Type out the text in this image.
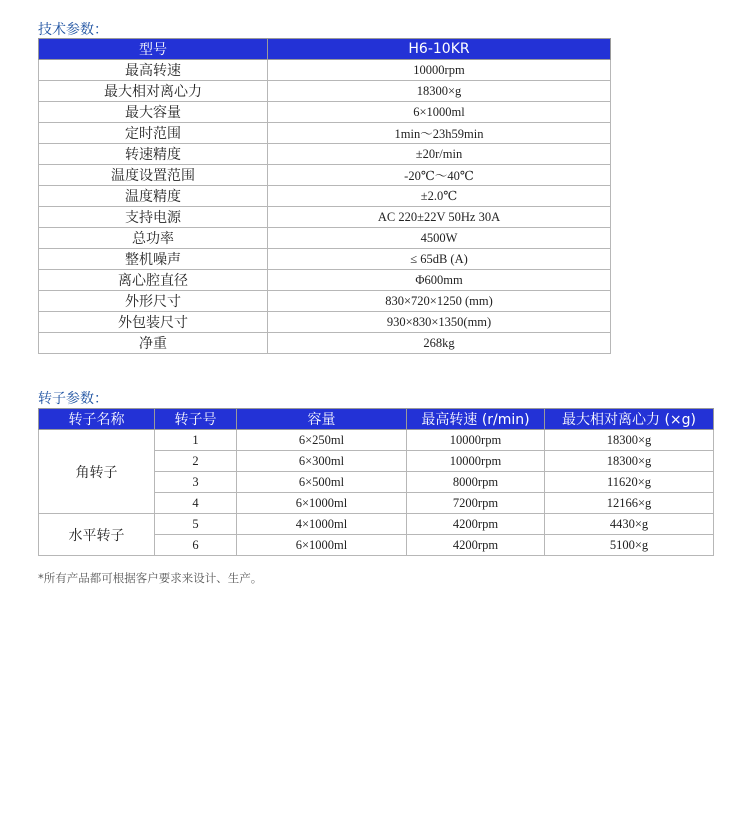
技术参数：
型号	H6-10KR
最高转速	10000rpm
最大相对离心力	18300×g
最大容量	6×1000ml
定时范围	1min～23h59min
转速精度	±20r/min
温度设置范围	-20℃～40℃
温度精度	±2.0℃
支持电源	AC 220±22V 50Hz 30A
总功率	4500W
整机噪声	≤ 65dB (A)
离心腔直径	Φ600mm
外形尺寸	830×720×1250 (mm)
外包装尺寸	930×830×1350(mm)
净重	268kg
转子参数：
转子名称	转子号	容量	最高转速 (r/min)	最大相对离心力 (×g)
角转子	1	6×250ml	10000rpm	18300×g
	2	6×300ml	10000rpm	18300×g
	3	6×500ml	8000rpm	11620×g
	4	6×1000ml	7200rpm	12166×g
水平转子	5	4×1000ml	4200rpm	4430×g
	6	6×1000ml	4200rpm	5100×g
*所有产品都可根据客户要求来设计、生产。
